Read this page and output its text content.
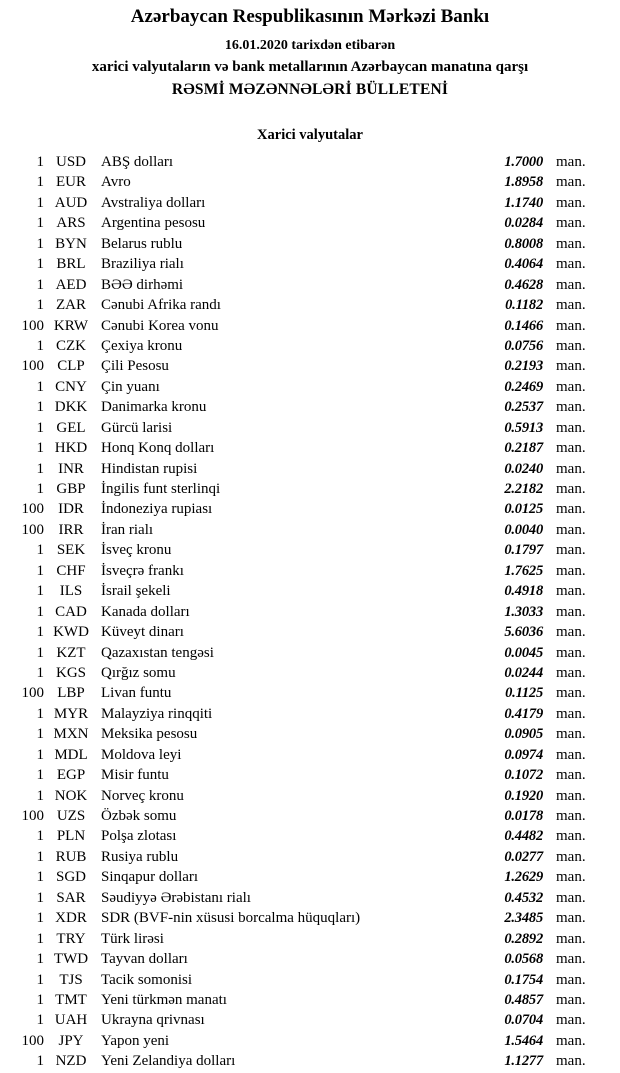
Azərbaycan Respublikasının Mərkəzi Bankı
16.01.2020 tarixdən etibarən
xarici valyutaların və bank metallarının Azərbaycan manatına qarşı
RƏSMİ MƏZƏNNƏLƏRİ BÜLLETENİ
Xarici valyutalar
1 USD	ABŞ dolları	1.7000 man.
1 EUR	Avro	1.8958 man.
1 AUD Avstraliya dolları	1.1740 man.
1 ARS	Argentina pesosu	0.0284 man.
1 BYN Belarus rublu	0.8008 man.
1 BRL	Braziliya rialı	0.4064 man.
1 AED BƏƏ dirhəmi	0.4628 man.
1 ZAR	Cənubi Afrika randı	0.1182 man.
100 KRW Cənubi Korea vonu	0.1466 man.
1 CZK	Çexiya kronu	0.0756 man.
100 CLP	Çili Pesosu	0.2193 man.
1 CNY Çin yuanı	0.2469 man.
1 DKK Danimarka kronu	0.2537 man.
1 GEL	Gürcü larisi	0.5913 man.
1 HKD Honq Konq dolları	0.2187 man.
1 INR	Hindistan rupisi	0.0240 man.
1 GBP	İngilis funt sterlinqi	2.2182 man.
100 IDR	İndoneziya rupiası	0.0125 man.
100 IRR	İran rialı	0.0040 man.
1 SEK	İsveç kronu	0.1797 man.
1 CHF	İsveçrə frankı	1.7625 man.
1	ILS	İsrail şekeli	0.4918 man.
1 CAD Kanada dolları	1.3033 man.
1 KWD Küveyt dinarı	5.6036 man.
1 KZT	Qazaxıstan tengəsi	0.0045 man.
1 KGS	Qırğız somu	0.0244 man.
100 LBP	Livan funtu	0.1125 man.
1 MYR Malayziya rinqqiti	0.4179 man.
1 MXN Meksika pesosu	0.0905 man.
1 MDL Moldova leyi	0.0974 man.
1 EGP	Misir funtu	0.1072 man.
1 NOK Norveç kronu	0.1920 man.
100 UZS	Özbək somu	0.0178 man.
1 PLN	Polşa zlotası	0.4482 man.
1 RUB Rusiya rublu	0.0277 man.
1 SGD	Sinqapur dolları	1.2629 man.
1 SAR	Səudiyyə Ərəbistanı rialı	0.4532 man.
1 XDR SDR (BVF-nin xüsusi borcalma hüquqları)	2.3485 man.
1 TRY	Türk lirəsi	0.2892 man.
1 TWD Tayvan dolları	0.0568 man.
1	TJS	Tacik somonisi	0.1754 man.
1 TMT Yeni türkmən manatı	0.4857 man.
1 UAH Ukrayna qrivnası	0.0704 man.
100 JPY	Yapon yeni	1.5464 man.
1 NZD Yeni Zelandiya dolları	1.1277 man.
